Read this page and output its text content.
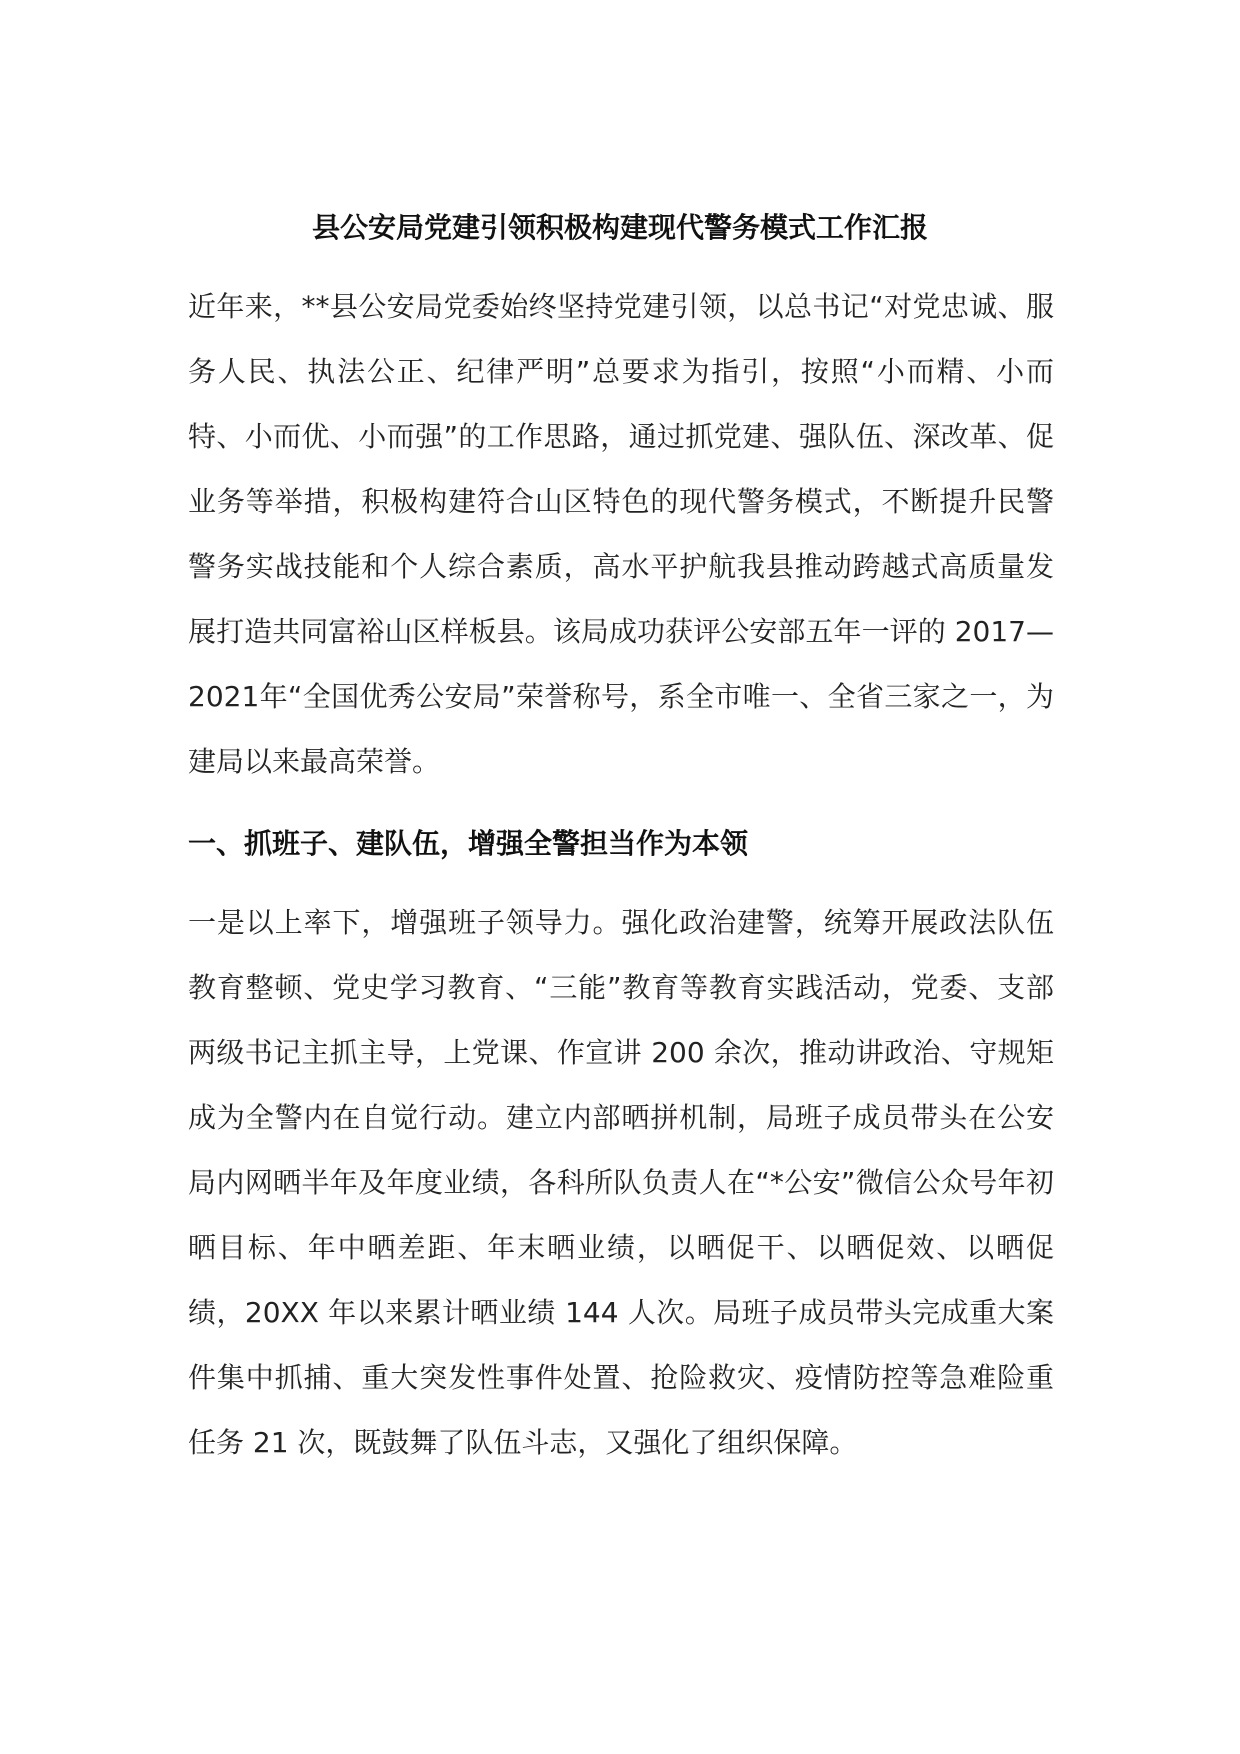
县公安局党建引领积极构建现代警务模式工作汇报

近年来，**县公安局党委始终坚持党建引领，以总书记“对党忠诚、服务人民、执法公正、纪律严明”总要求为指引，按照“小而精、小而特、小而优、小而强”的工作思路，通过抓党建、强队伍、深改革、促业务等举措，积极构建符合山区特色的现代警务模式，不断提升民警警务实战技能和个人综合素质，高水平护航我县推动跨越式高质量发展打造共同富裕山区样板县。该局成功获评公安部五年一评的 2017—2021年“全国优秀公安局”荣誉称号，系全市唯一、全省三家之一，为建局以来最高荣誉。

一、抓班子、建队伍，增强全警担当作为本领

一是以上率下，增强班子领导力。强化政治建警，统筹开展政法队伍教育整顿、党史学习教育、“三能”教育等教育实践活动，党委、支部两级书记主抓主导，上党课、作宣讲 200 余次，推动讲政治、守规矩成为全警内在自觉行动。建立内部晒拼机制，局班子成员带头在公安局内网晒半年及年度业绩，各科所队负责人在“*公安”微信公众号年初晒目标、年中晒差距、年末晒业绩，以晒促干、以晒促效、以晒促绩，20XX 年以来累计晒业绩 144 人次。局班子成员带头完成重大案件集中抓捕、重大突发性事件处置、抢险救灾、疫情防控等急难险重任务 21 次，既鼓舞了队伍斗志，又强化了组织保障。
